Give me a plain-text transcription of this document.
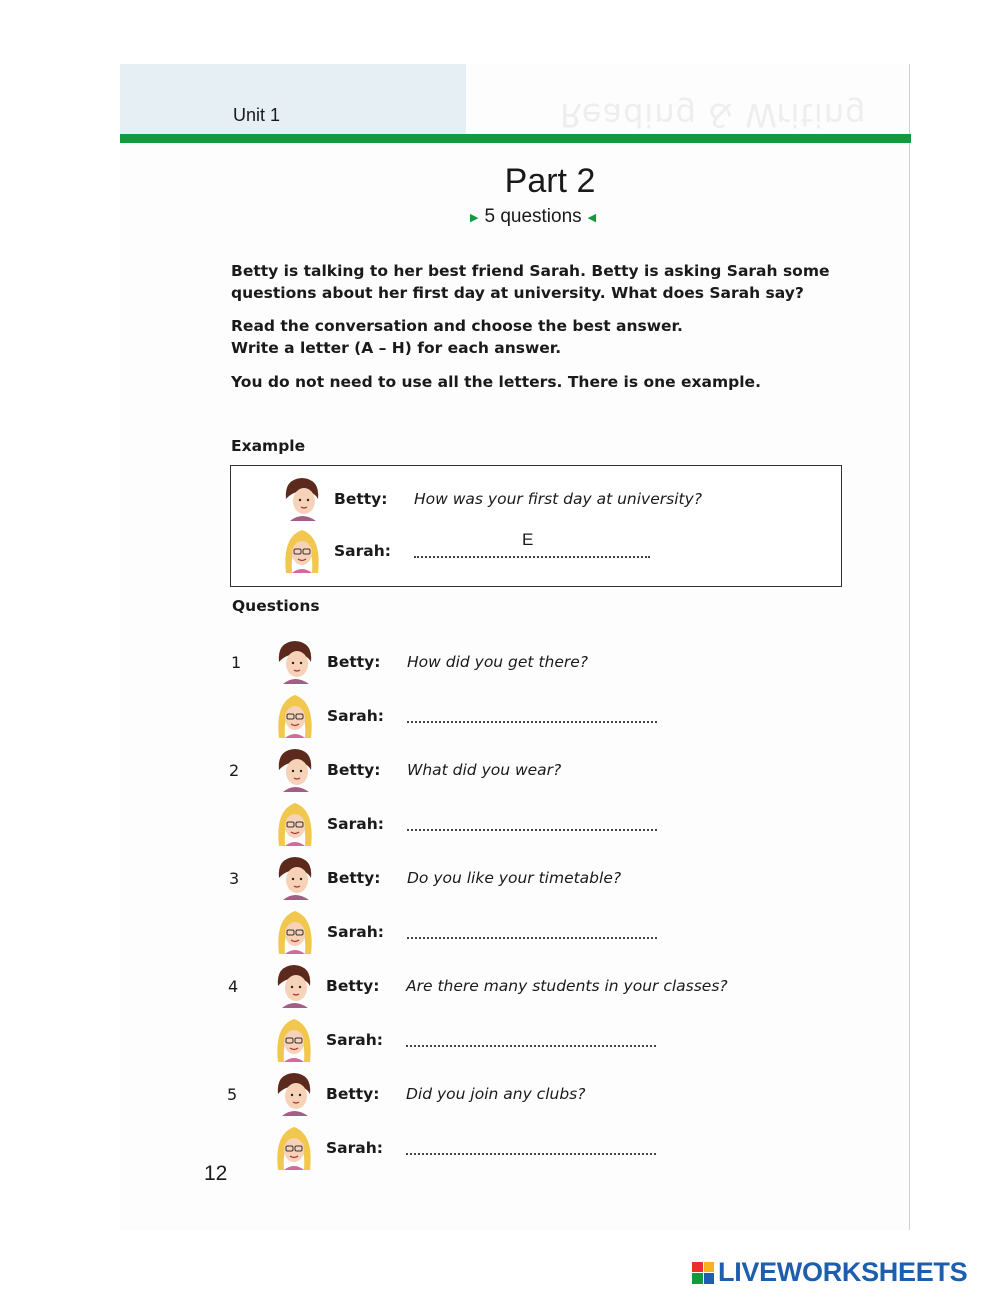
Reading & Writing
Unit 1
Part 2
▶ 5 questions ◀
Betty is talking to her best friend Sarah. Betty is asking Sarah some questions about her first day at university. What does Sarah say?
Read the conversation and choose the best answer.
Write a letter (A – H) for each answer.
You do not need to use all the letters. There is one example.
Example
Betty:	How was your first day at university?
Sarah:
E
Questions
1	Betty:	How did you get there?
Sarah:
2	Betty:	What did you wear?
Sarah:
3	Betty:	Do you like your timetable?
Sarah:
4	Betty:	Are there many students in your classes?
Sarah:
5	Betty:	Did you join any clubs?
Sarah:
12
LIVEWORKSHEETS
